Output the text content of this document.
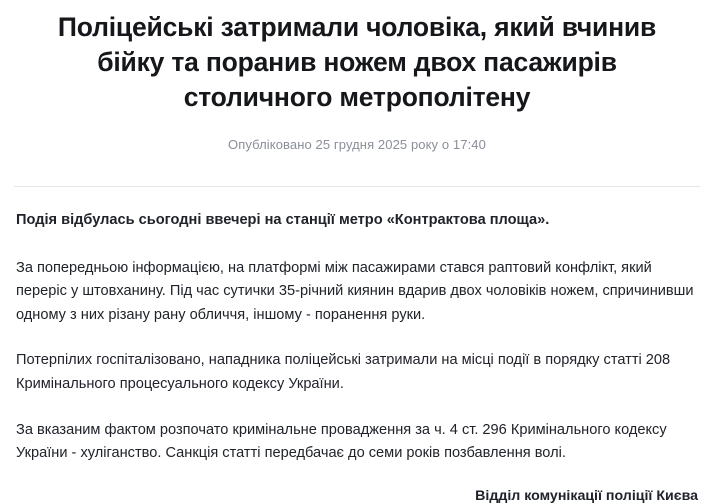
Поліцейські затримали чоловіка, який вчинив бійку та поранив ножем двох пасажирів столичного метрополітену
Опубліковано 25 грудня 2025 року о 17:40

Подія відбулась сьогодні ввечері на станції метро «Контрактова площа».

За попередньою інформацією, на платформі між пасажирами стався раптовий конфлікт, який переріс у штовханину. Під час сутички 35-річний киянин вдарив двох чоловіків ножем, спричинивши одному з них різану рану обличчя, іншому - поранення руки.

Потерпілих госпіталізовано, нападника поліцейські затримали на місці події в порядку статті 208 Кримінального процесуального кодексу України.

За вказаним фактом розпочато кримінальне провадження за ч. 4 ст. 296 Кримінального кодексу України - хуліганство. Санкція статті передбачає до семи років позбавлення волі.

Відділ комунікації поліції Києва
